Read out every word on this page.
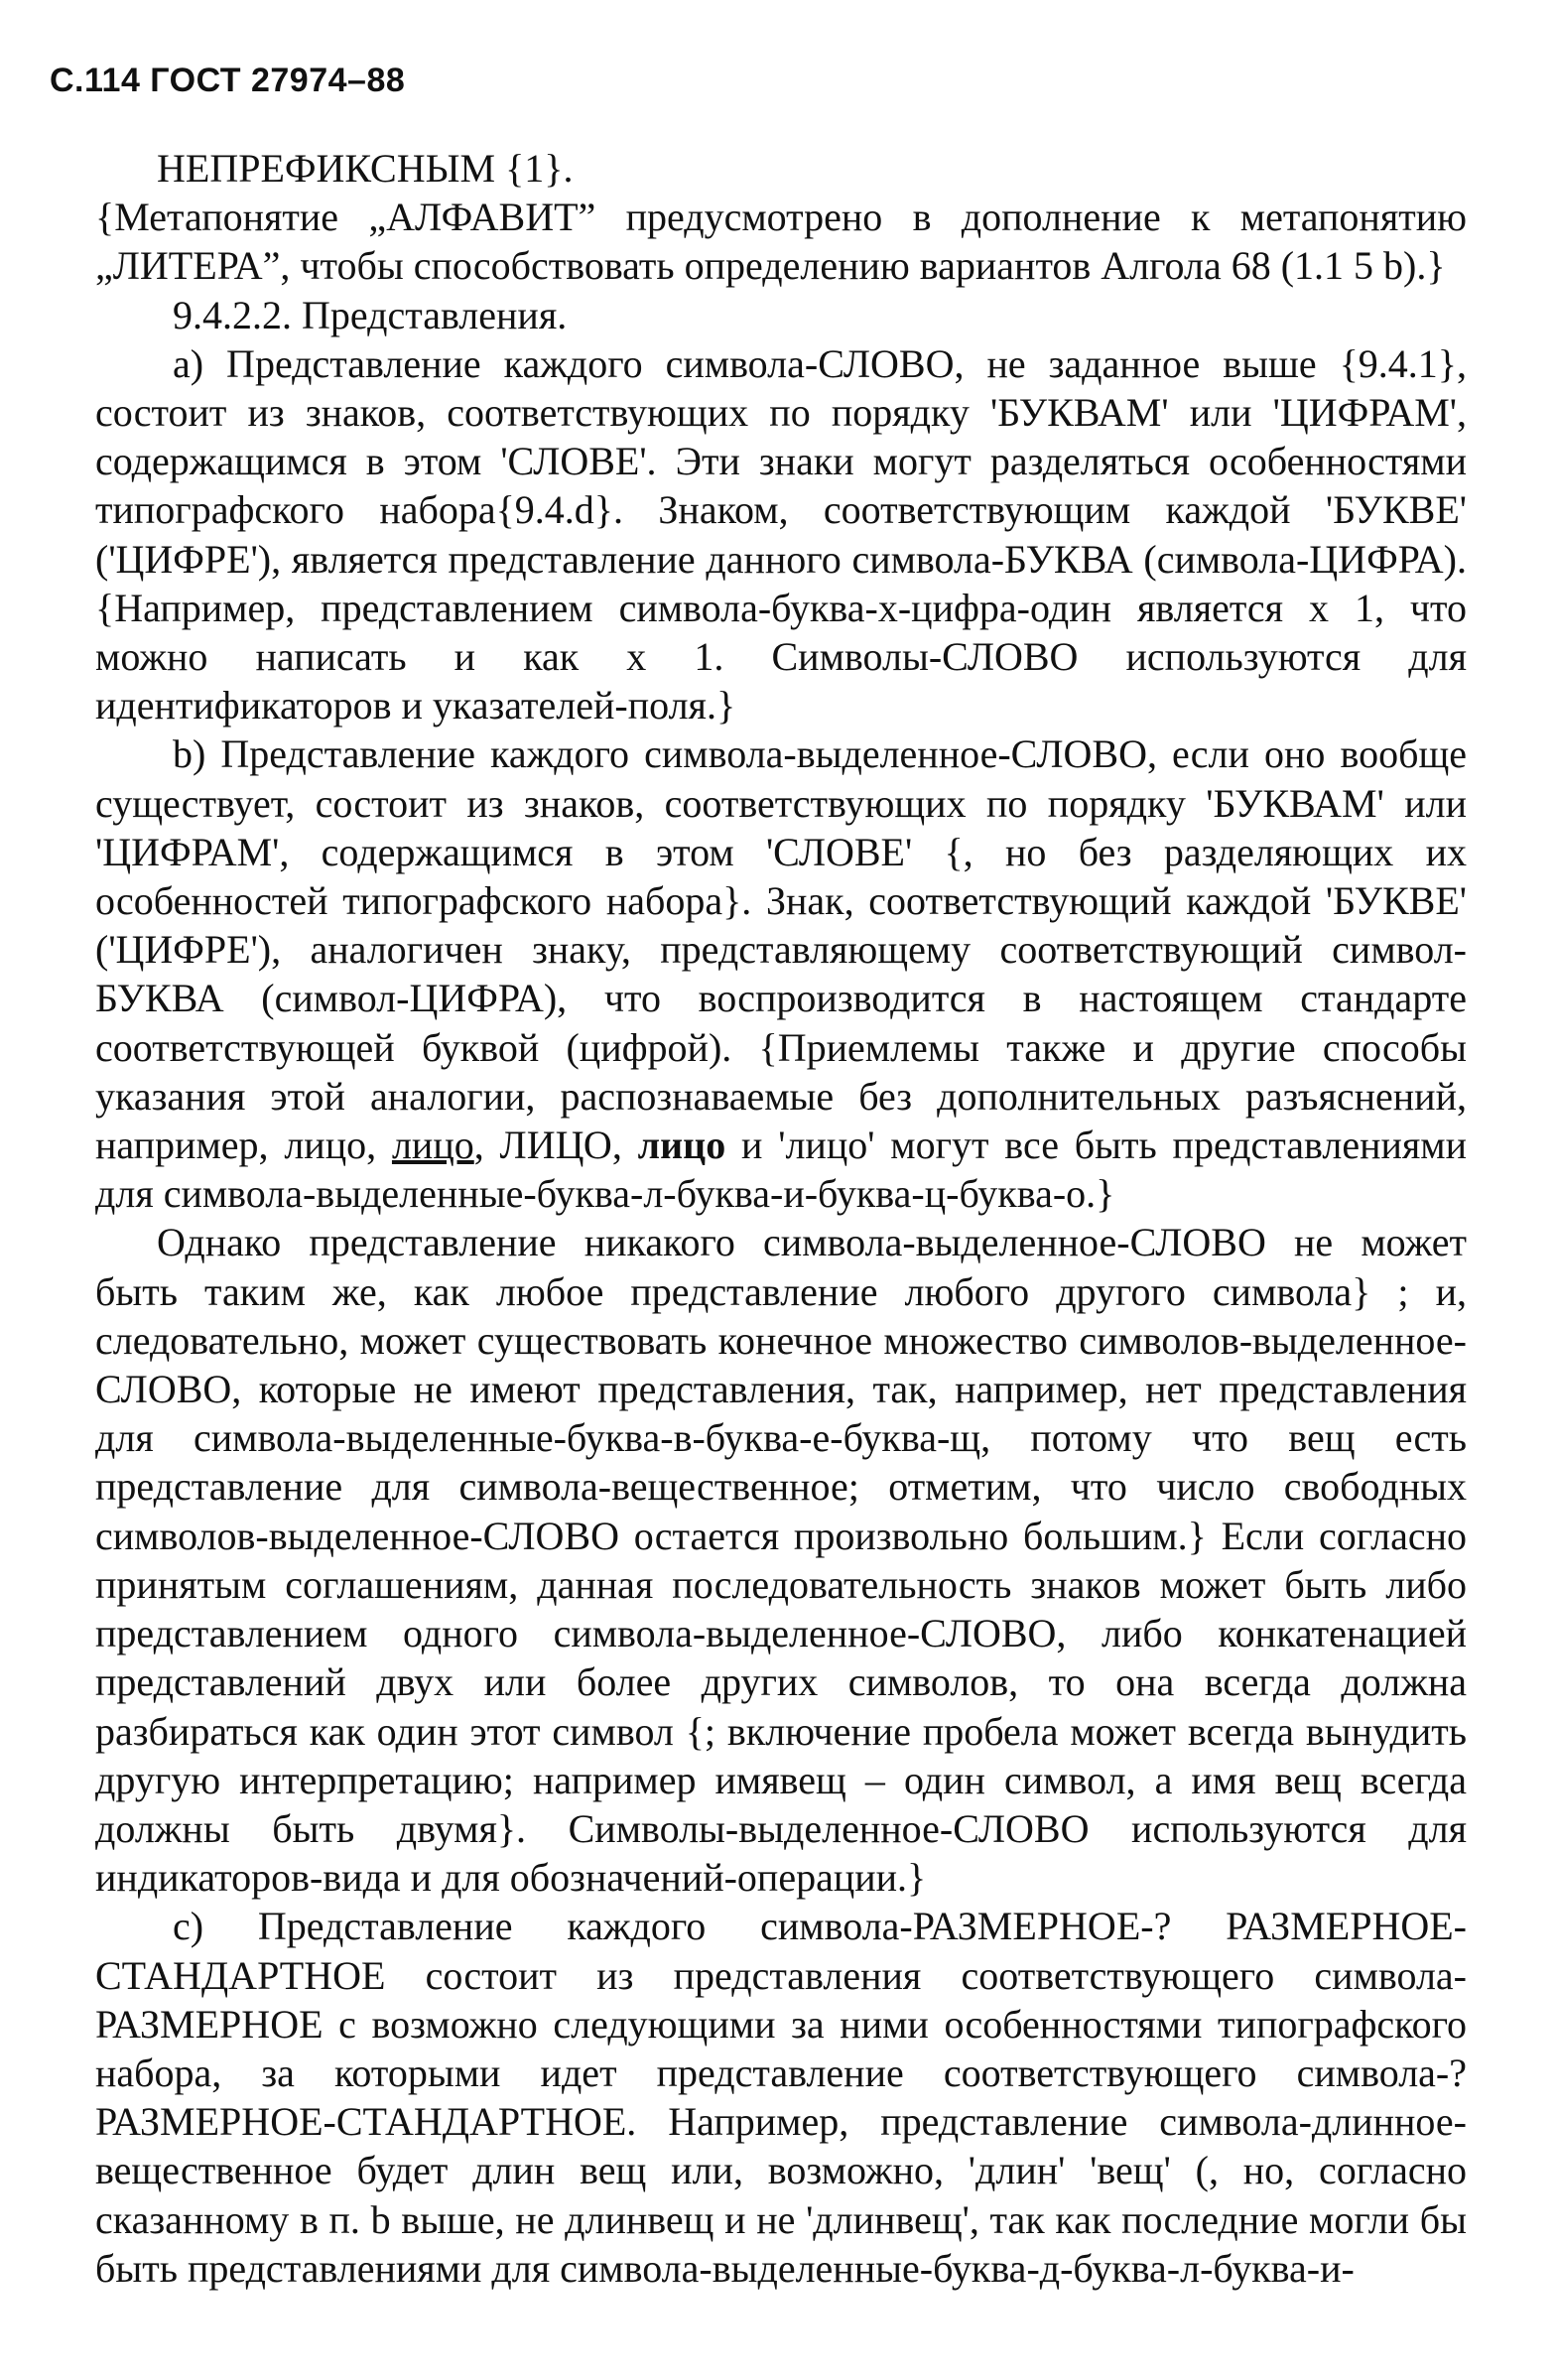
С.114 ГОСТ 27974–88

НЕПРЕФИКСНЫМ {1}.

{Метапонятие „АЛФАВИТ” предусмотрено в дополнение к метапонятию „ЛИТЕРА”, чтобы способствовать определению вариантов Алгола 68 (1.1 5 b).}

9.4.2.2. Представления.

а) Представление каждого символа-СЛОВО, не заданное выше {9.4.1}, состоит из знаков, соответствующих по порядку 'БУКВАМ' или 'ЦИФРАМ', содержащимся в этом 'СЛОВЕ'. Эти знаки могут разделяться особенностями типографского набора{9.4.d}. Знаком, соответствующим каждой 'БУКВЕ' ('ЦИФРЕ'), является представление данного символа-БУКВА (символа-ЦИФРА). {Например, представлением символа-буква-х-цифра-один является х 1, что можно написать и как х 1. Символы-СЛОВО используются для идентификаторов и указателей-поля.}

b) Представление каждого символа-выделенное-СЛОВО, если оно вообще существует, состоит из знаков, соответствующих по порядку 'БУКВАМ' или 'ЦИФРАМ', содержащимся в этом 'СЛОВЕ' {, но без разделяющих их особенностей типографского набора}. Знак, соответствующий каждой 'БУКВЕ' ('ЦИФРЕ'), аналогичен знаку, представляющему соответствующий символ-БУКВА (символ-ЦИФРА), что воспроизводится в настоящем стандарте соответствующей буквой (цифрой). {Приемлемы также и другие способы указания этой аналогии, распознаваемые без дополнительных разъяснений, например, лицо, лицо, ЛИЦО, лицо и 'лицо' могут все быть представлениями для символа-выделенные-буква-л-буква-и-буква-ц-буква-о.}

Однако представление никакого символа-выделенное-СЛОВО не может быть таким же, как любое представление любого другого символа} ; и, следовательно, может существовать конечное множество символов-выделенное-СЛОВО, которые не имеют представления, так, например, нет представления для символа-выделенные-буква-в-буква-е-буква-щ, потому что вещ есть представление для символа-вещественное; отметим, что число свободных символов-выделенное-СЛОВО остается произвольно большим.} Если согласно принятым соглашениям, данная последовательность знаков может быть либо представлением одного символа-выделенное-СЛОВО, либо конкатенацией представлений двух или более других символов, то она всегда должна разбираться как один этот символ {; включение пробела может всегда вынудить другую интерпретацию; например имявещ – один символ, а имя вещ всегда должны быть двумя}. Символы-выделенное-СЛОВО используются для индикаторов-вида и для обозначений-операции.}

с) Представление каждого символа-РАЗМЕРНОЕ-? РАЗМЕРНОЕ-СТАНДАРТНОЕ состоит из представления соответствующего символа-РАЗМЕРНОЕ с возможно следующими за ними особенностями типографского набора, за которыми идет представление соответствующего символа-?РАЗМЕРНОЕ-СТАНДАРТНОЕ. Например, представление символа-длинное-вещественное будет длин вещ или, возможно, 'длин' 'вещ' (, но, согласно сказанному в п. b выше, не длинвещ и не 'длинвещ', так как последние могли бы быть представлениями для символа-выделенные-буква-д-буква-л-буква-и-
